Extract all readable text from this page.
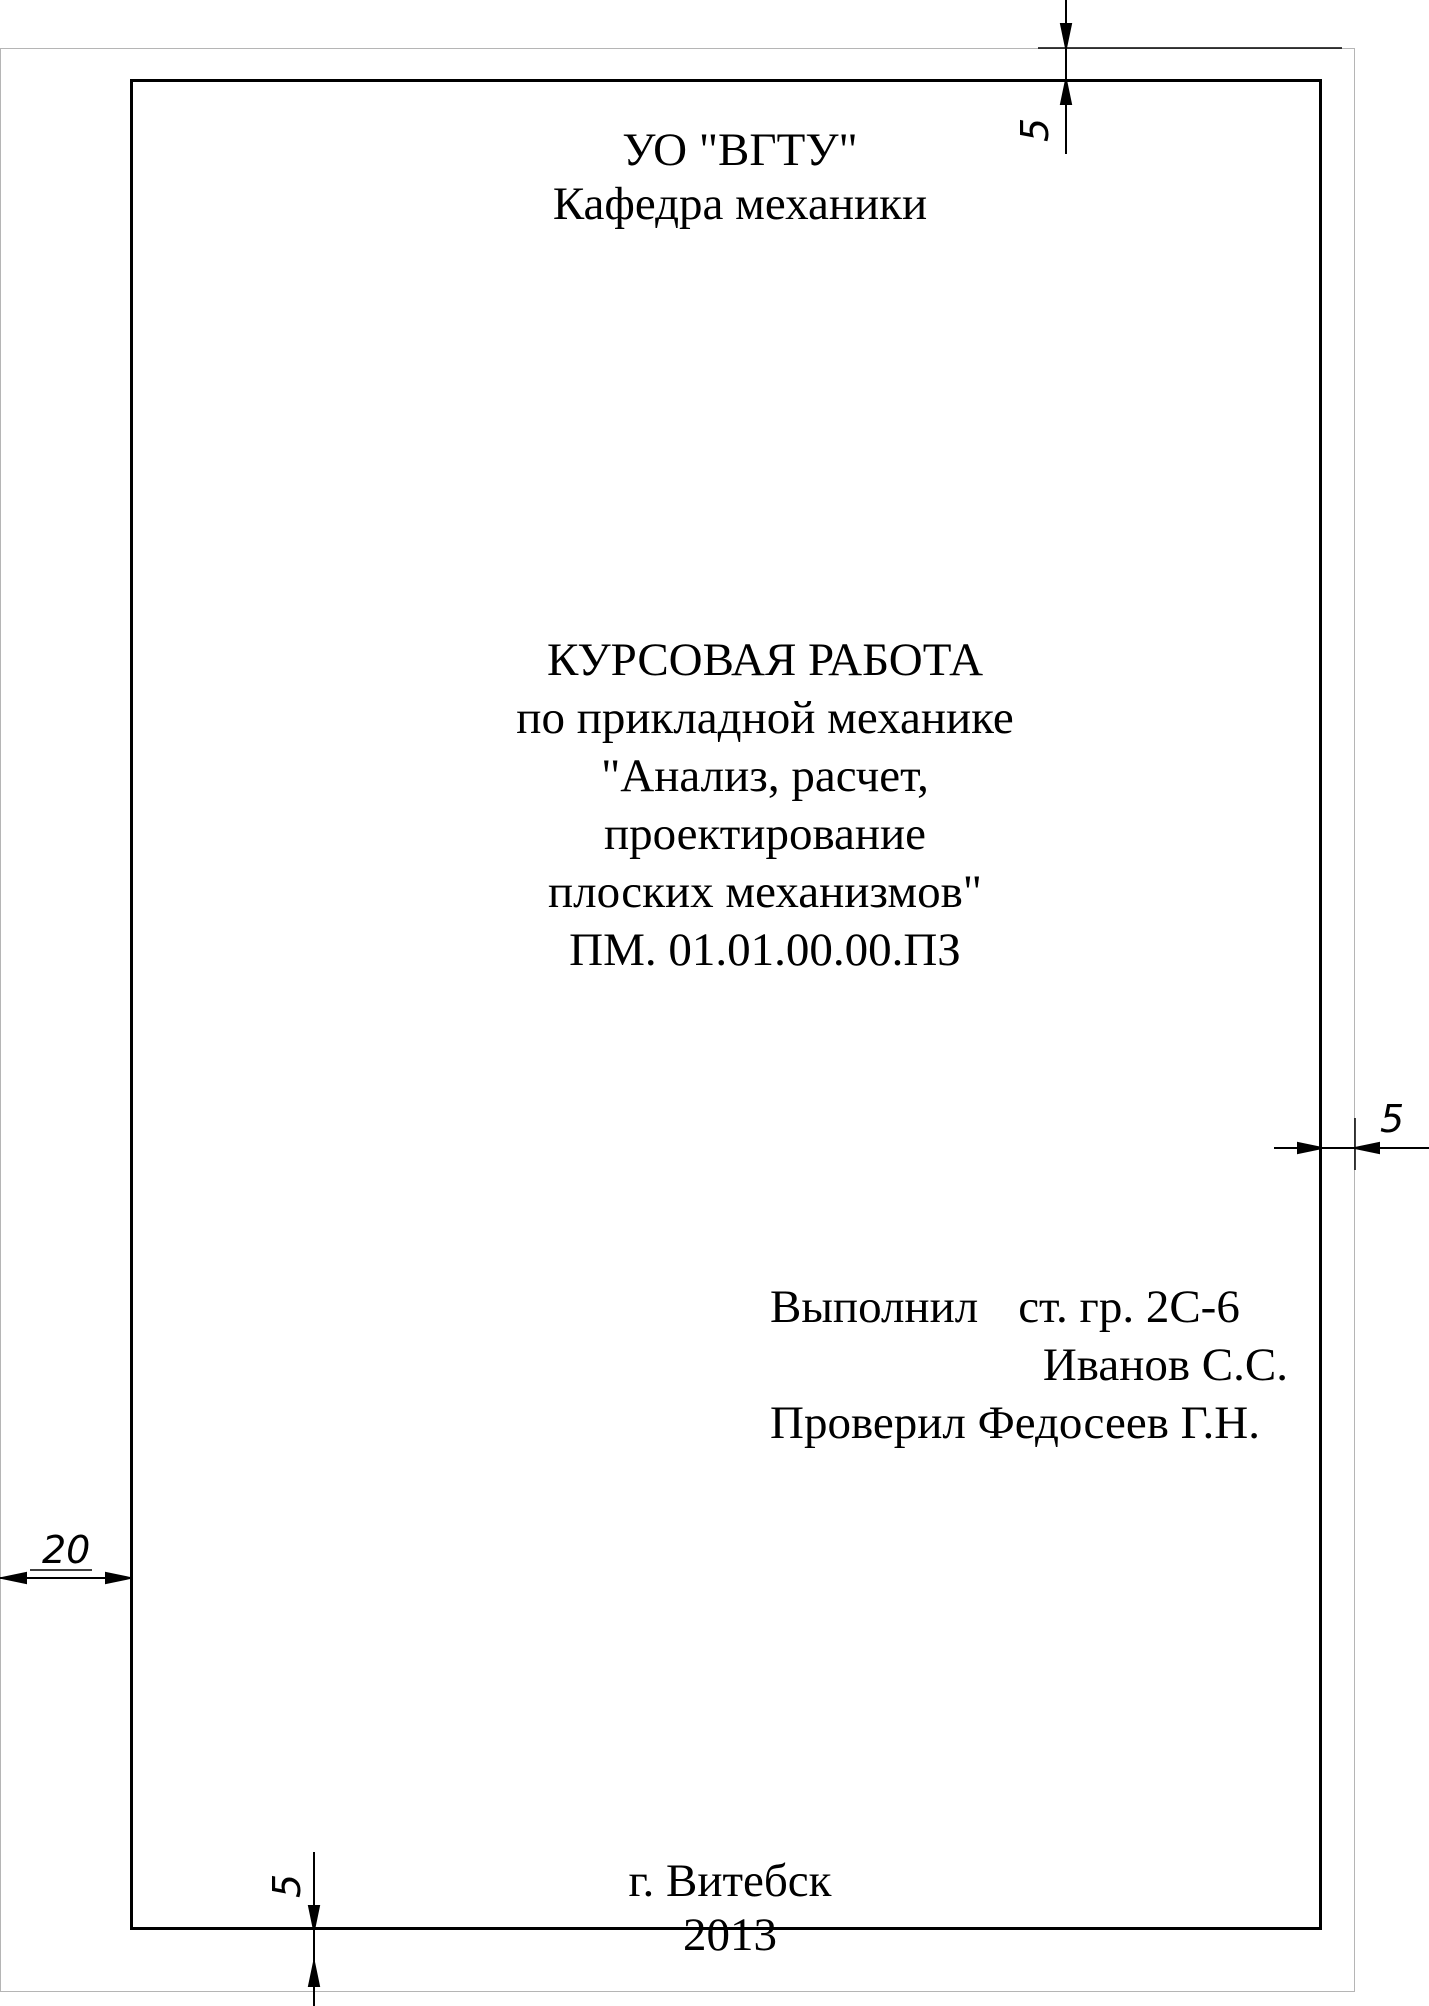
5
5
20
5
УО "ВГТУ"
Кафедра механики
КУРСОВАЯ РАБОТА
по прикладной механике
"Анализ, расчет,
проектирование
плоских механизмов"
ПМ. 01.01.00.00.ПЗ
Выполнил ст. гр. 2С-6
Иванов С.С.
Проверил Федосеев Г.Н.
г. Витебск
2013
